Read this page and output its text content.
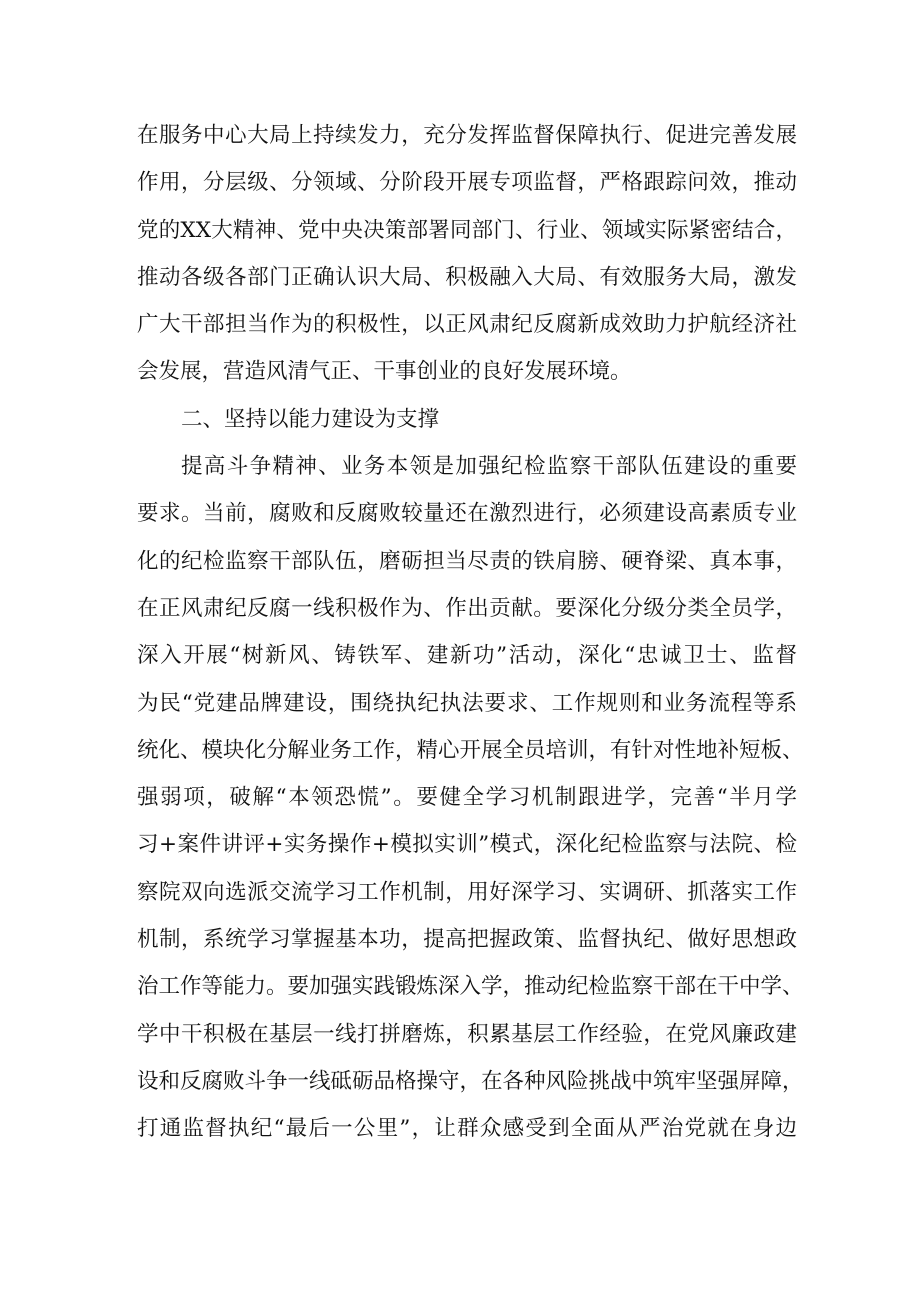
在服务中心大局上持续发力，充分发挥监督保障执行、促进完善发展
作用，分层级、分领域、分阶段开展专项监督，严格跟踪问效，推动
党的XX大精神、党中央决策部署同部门、行业、领域实际紧密结合，
推动各级各部门正确认识大局、积极融入大局、有效服务大局，激发
广大干部担当作为的积极性，以正风肃纪反腐新成效助力护航经济社
会发展，营造风清气正、干事创业的良好发展环境。
二、坚持以能力建设为支撑
提高斗争精神、业务本领是加强纪检监察干部队伍建设的重要
要求。当前，腐败和反腐败较量还在激烈进行，必须建设高素质专业
化的纪检监察干部队伍，磨砺担当尽责的铁肩膀、硬脊梁、真本事，
在正风肃纪反腐一线积极作为、作出贡献。要深化分级分类全员学，
深入开展“树新风、铸铁军、建新功”活动，深化“忠诚卫士、监督
为民“党建品牌建设，围绕执纪执法要求、工作规则和业务流程等系
统化、模块化分解业务工作，精心开展全员培训，有针对性地补短板、
强弱项，破解“本领恐慌”。要健全学习机制跟进学，完善“半月学
习+案件讲评+实务操作+模拟实训”模式，深化纪检监察与法院、检
察院双向选派交流学习工作机制，用好深学习、实调研、抓落实工作
机制，系统学习掌握基本功，提高把握政策、监督执纪、做好思想政
治工作等能力。要加强实践锻炼深入学，推动纪检监察干部在干中学、
学中干积极在基层一线打拼磨炼，积累基层工作经验，在党风廉政建
设和反腐败斗争一线砥砺品格操守，在各种风险挑战中筑牢坚强屏障，
打通监督执纪“最后一公里”，让群众感受到全面从严治党就在身边
